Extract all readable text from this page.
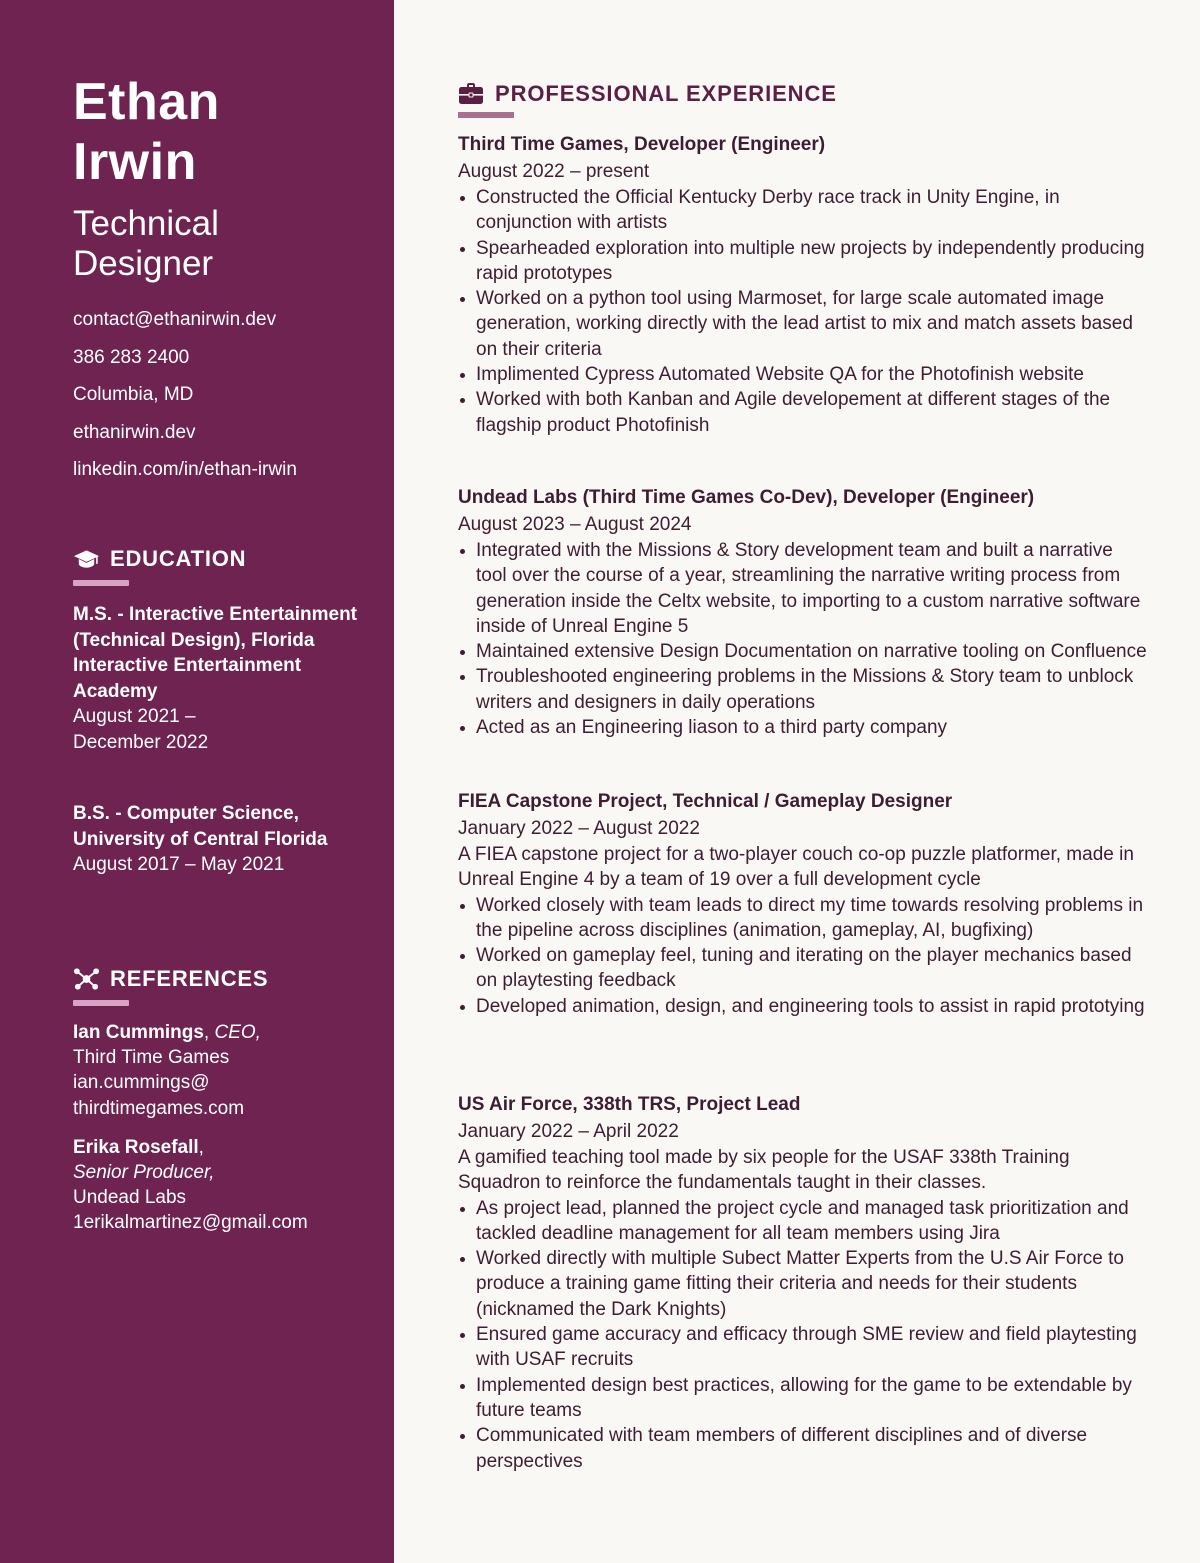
Ethan
Irwin
Technical
Designer
contact@ethanirwin.dev
386 283 2400
Columbia, MD
ethanirwin.dev
linkedin.com/in/ethan-irwin
EDUCATION
M.S. - Interactive Entertainment (Technical Design), Florida Interactive Entertainment Academy
August 2021 –
December 2022
B.S. - Computer Science, University of Central Florida
August 2017 – May 2021
REFERENCES
Ian Cummings, CEO,
Third Time Games
ian.cummings@
thirdtimegames.com
Erika Rosefall,
Senior Producer,
Undead Labs
1erikalmartinez@gmail.com
PROFESSIONAL EXPERIENCE
Third Time Games, Developer (Engineer)
August 2022 – present
Constructed the Official Kentucky Derby race track in Unity Engine, in conjunction with artists
Spearheaded exploration into multiple new projects by independently producing rapid prototypes
Worked on a python tool using Marmoset, for large scale automated image generation, working directly with the lead artist to mix and match assets based on their criteria
Implimented Cypress Automated Website QA for the Photofinish website
Worked with both Kanban and Agile developement at different stages of the flagship product Photofinish
Undead Labs (Third Time Games Co-Dev), Developer (Engineer)
August 2023 – August 2024
Integrated with the Missions & Story development team and built a narrative tool over the course of a year, streamlining the narrative writing process from generation inside the Celtx website, to importing to a custom narrative software inside of Unreal Engine 5
Maintained extensive Design Documentation on narrative tooling on Confluence
Troubleshooted engineering problems in the Missions & Story team to unblock writers and designers in daily operations
Acted as an Engineering liason to a third party company
FIEA Capstone Project, Technical / Gameplay Designer
January 2022 – August 2022
A FIEA capstone project for a two-player couch co-op puzzle platformer, made in Unreal Engine 4 by a team of 19 over a full development cycle
Worked closely with team leads to direct my time towards resolving problems in the pipeline across disciplines (animation, gameplay, AI, bugfixing)
Worked on gameplay feel, tuning and iterating on the player mechanics based on playtesting feedback
Developed animation, design, and engineering tools to assist in rapid prototying
US Air Force, 338th TRS, Project Lead
January 2022 – April 2022
A gamified teaching tool made by six people for the USAF 338th Training Squadron to reinforce the fundamentals taught in their classes.
As project lead, planned the project cycle and managed task prioritization and tackled deadline management for all team members using Jira
Worked directly with multiple Subect Matter Experts from the U.S Air Force to produce a training game fitting their criteria and needs for their students (nicknamed the Dark Knights)
Ensured game accuracy and efficacy through SME review and field playtesting with USAF recruits
Implemented design best practices, allowing for the game to be extendable by future teams
Communicated with team members of different disciplines and of diverse perspectives
